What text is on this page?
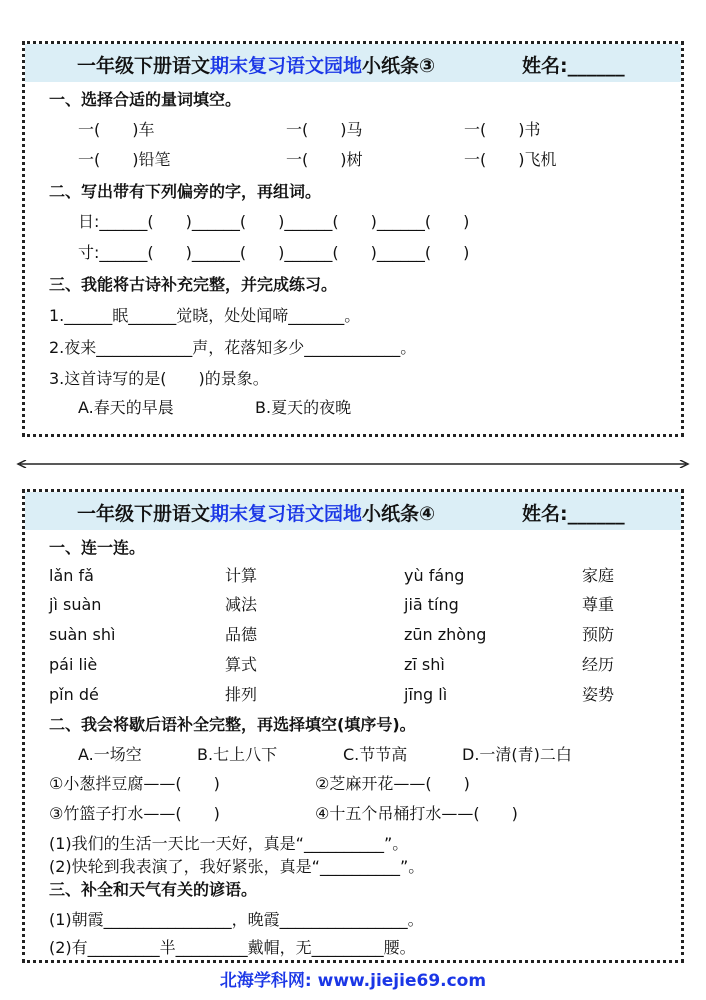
一年级下册语文期末复习语文园地小纸条③	姓名:______
一、选择合适的量词填空。
一(　　)车	一(　　)马	一(　　)书
一(　　)铅笔	一(　　)树	一(　　)飞机
二、写出带有下列偏旁的字，再组词。
日:______(　　)______(　　)______(　　)______(　　)
寸:______(　　)______(　　)______(　　)______(　　)
三、我能将古诗补充完整，并完成练习。
1.______眠______觉晓，处处闻啼_______。
2.夜来____________声，花落知多少____________。
3.这首诗写的是(　　)的景象。
A.春天的早晨	B.夏天的夜晚
一年级下册语文期末复习语文园地小纸条④	姓名:______
一、连一连。
lǎn fǎ	计算	yù fáng	家庭
jì suàn	减法	jiā tíng	尊重
suàn shì	品德	zūn zhòng	预防
pái liè	算式	zī shì	经历
pǐn dé	排列	jīng lì	姿势
二、我会将歇后语补全完整，再选择填空(填序号)。
A.一场空	B.七上八下	C.节节高	D.一清(青)二白
①小葱拌豆腐——(　　)	②芝麻开花——(　　)
③竹篮子打水——(　　)	④十五个吊桶打水——(　　)
(1)我们的生活一天比一天好，真是“__________”。
(2)快轮到我表演了，我好紧张，真是“__________”。
三、补全和天气有关的谚语。
(1)朝霞________________，晚霞________________。
(2)有_________半_________戴帽，无_________腰。
北海学科网: www.jiejie69.com
